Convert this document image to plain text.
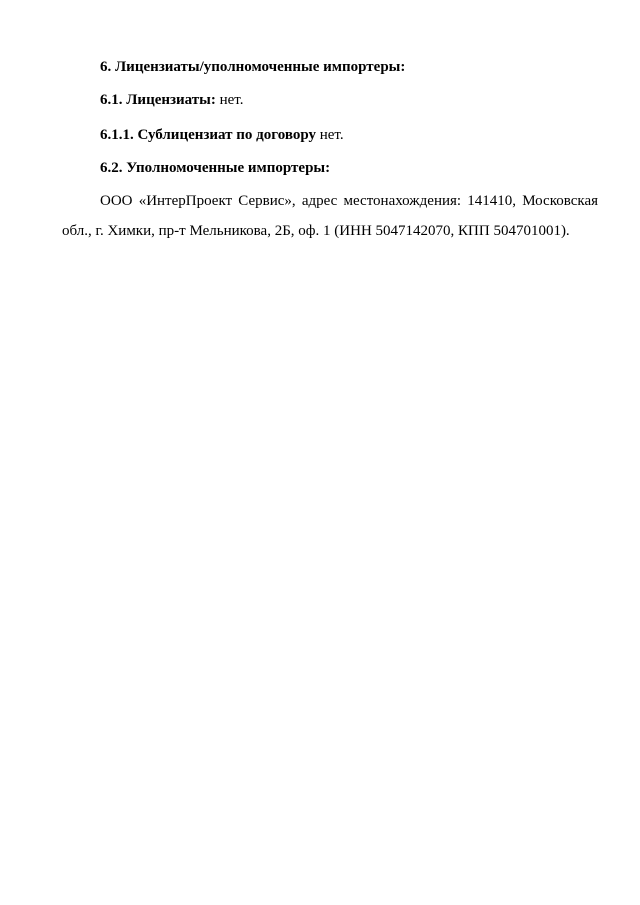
6. Лицензиаты/уполномоченные импортеры:
6.1. Лицензиаты: нет.
6.1.1. Сублицензиат по договору нет.
6.2. Уполномоченные импортеры:
ООО «ИнтерПроект Сервис», адрес местонахождения: 141410, Московская обл., г. Химки, пр-т Мельникова, 2Б, оф. 1 (ИНН 5047142070, КПП 504701001).
